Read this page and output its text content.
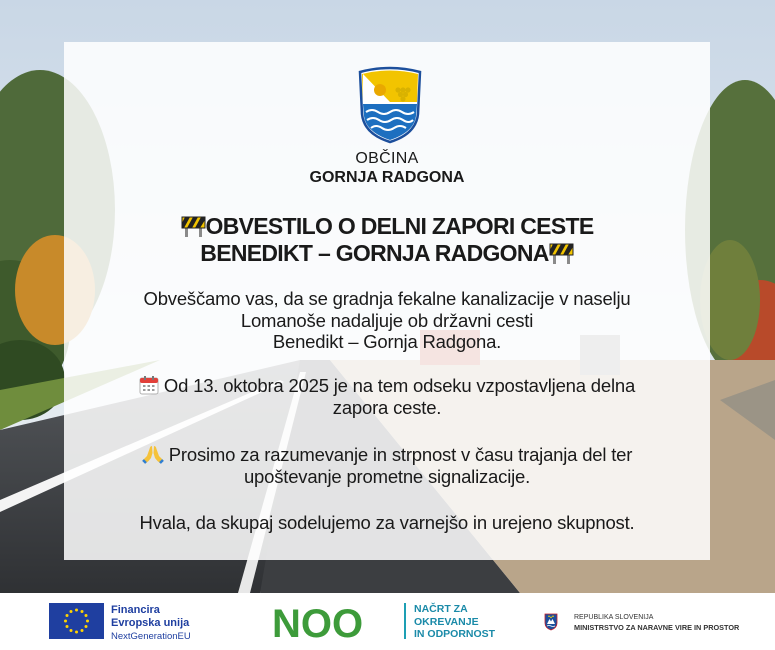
OBČINA
GORNJA RADGONA
OBVESTILO O DELNI ZAPORI CESTE
BENEDIKT – GORNJA RADGONA
Obveščamo vas, da se gradnja fekalne kanalizacije v naselju
Lomanoše nadaljuje ob državni cesti
Benedikt – Gornja Radgona.
Od 13. oktobra 2025 je na tem odseku vzpostavljena delna
zapora ceste.
Prosimo za razumevanje in strpnost v času trajanja del ter
upoštevanje prometne signalizacije.
Hvala, da skupaj sodelujemo za varnejšo in urejeno skupnost.
Financira
Evropska unija
NextGenerationEU NOO	NAČRT ZA
OKREVANJE
IN ODPORNOST
REPUBLIKA SLOVENIJA
MINISTRSTVO ZA NARAVNE VIRE IN PROSTOR
